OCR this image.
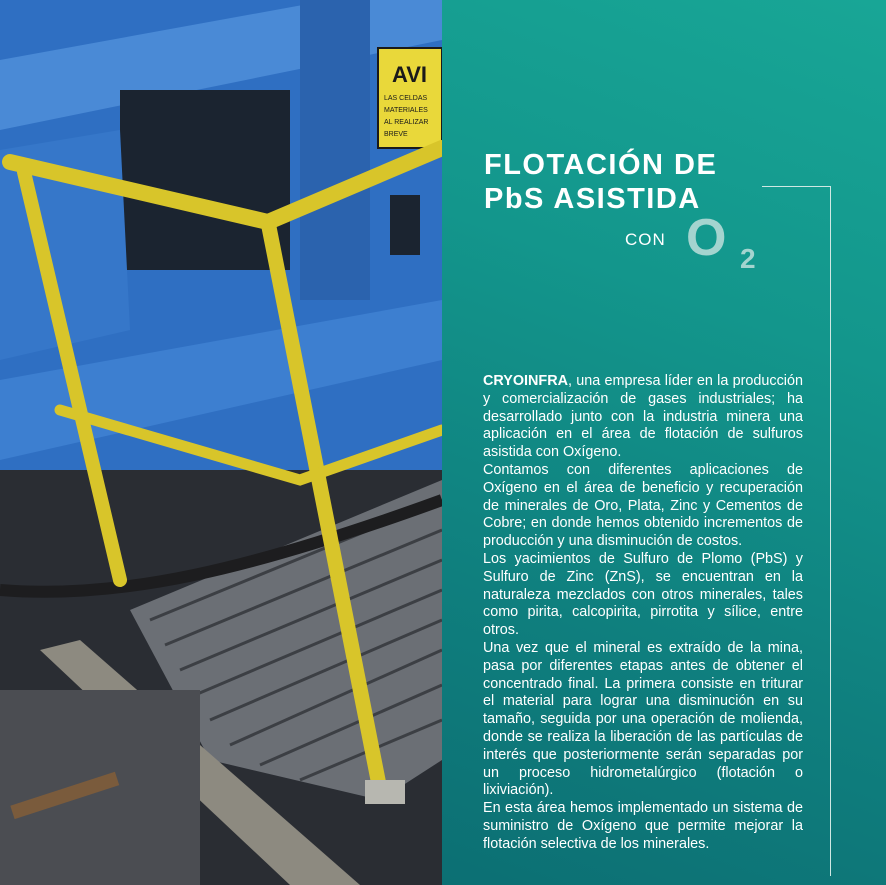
AVI
LAS CELDAS
MATERIALES
AL REALIZAR
BREVE
FLOTACIÓN DE
PbS ASISTIDA
CON O 2

CRYOINFRA, una empresa líder en la producción y comercialización de gases industriales; ha desarrollado junto con la industria minera una aplicación en el área de flotación de sulfuros asistida con Oxígeno.

Contamos con diferentes aplicaciones de Oxígeno en el área de beneficio y recuperación de minerales de Oro, Plata, Zinc y Cementos de Cobre; en donde hemos obtenido incrementos de producción y una disminución de costos.

Los yacimientos de Sulfuro de Plomo (PbS) y Sulfuro de Zinc (ZnS), se encuentran en la naturaleza mezclados con otros minerales, tales como pirita, calcopirita, pirrotita y sílice, entre otros.

Una vez que el mineral es extraído de la mina, pasa por diferentes etapas antes de obtener el concentrado final. La primera consiste en triturar el material para lograr una disminución en su tamaño, seguida por una operación de molienda, donde se realiza la liberación de las partículas de interés que posteriormente serán separadas por un proceso hidrometalúrgico (flotación o lixiviación).

En esta área hemos implementado un sistema de suministro de Oxígeno que permite mejorar la flotación selectiva de los minerales.
